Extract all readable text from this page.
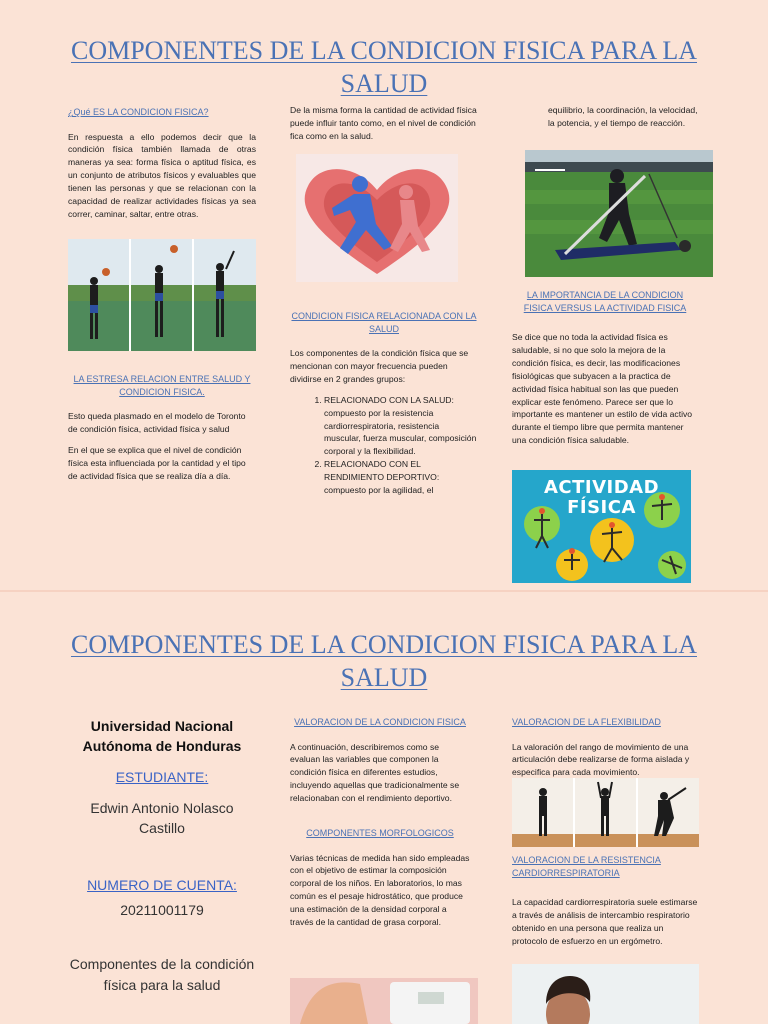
COMPONENTES DE LA CONDICION FISICA PARA LA SALUD
¿Qué ES LA CONDICION FISICA?

En respuesta a ello podemos decir que la condición física también llamada de otras maneras ya sea: forma física o aptitud física, es un conjunto de atributos físicos y evaluables que tienen las personas y que se relacionan con la capacidad de realizar actividades físicas ya sea correr, caminar, saltar, entre otras.

LA ESTRESA RELACION ENTRE SALUD Y CONDICION FISICA.

Esto queda plasmado en el modelo de Toronto de condición física, actividad física y salud

En el que se explica que el nivel de condición física esta influenciada por la cantidad y el tipo de actividad física que se realiza día a día.

De la misma forma la cantidad de actividad física puede influir tanto como, en el nivel de condición fica como en la salud.

CONDICION FISICA RELACIONADA CON LA SALUD

Los componentes de la condición física que se mencionan con mayor frecuencia pueden dividirse en 2 grandes grupos:

1. RELACIONADO CON LA SALUD: compuesto por la resistencia cardiorrespiratoria, resistencia muscular, fuerza muscular, composición corporal y la flexibilidad.
2. RELACIONADO CON EL RENDIMIENTO DEPORTIVO: compuesto por la agilidad, el

equilibrio, la coordinación, la velocidad, la potencia, y el tiempo de reacción.

LA IMPORTANCIA DE LA CONDICION FISICA VERSUS LA ACTIVIDAD FISICA

Se dice que no toda la actividad física es saludable, si no que solo la mejora de la condición física, es decir, las modificaciones fisiológicas que subyacen a la practica de actividad física habitual son las que pueden explicar este fenómeno. Parece ser que lo importante es mantener un estilo de vida activo durante el tiempo libre que permita mantener una condición física saludable.

ACTIVIDAD
FÍSICA
COMPONENTES DE LA CONDICION FISICA PARA LA SALUD
Universidad Nacional Autónoma de Honduras
ESTUDIANTE:
Edwin Antonio Nolasco Castillo
NUMERO DE CUENTA:
20211001179
Componentes de la condición física para la salud
VALORACION DE LA CONDICION FISICA

A continuación, describiremos como se evaluan las variables que componen la condición física en diferentes estudios, incluyendo aquellas que tradicionalmente se relacionaban con el rendimiento deportivo.

COMPONENTES MORFOLOGICOS

Varias técnicas de medida han sido empleadas con el objetivo de estimar la composición corporal de los niños. En laboratorios, lo mas común es el pesaje hidrostático, que produce una estimación de la densidad corporal a través de la cantidad de grasa corporal.

VALORACION DE LA FLEXIBILIDAD

La valoración del rango de movimiento de una articulación debe realizarse de forma aislada y especifica para cada movimiento.

VALORACION DE LA RESISTENCIA CARDIORRESPIRATORIA

La capacidad cardiorrespiratoria suele estimarse a través de análisis de intercambio respiratorio obtenido en una persona que realiza un protocolo de esfuerzo en un ergómetro.
